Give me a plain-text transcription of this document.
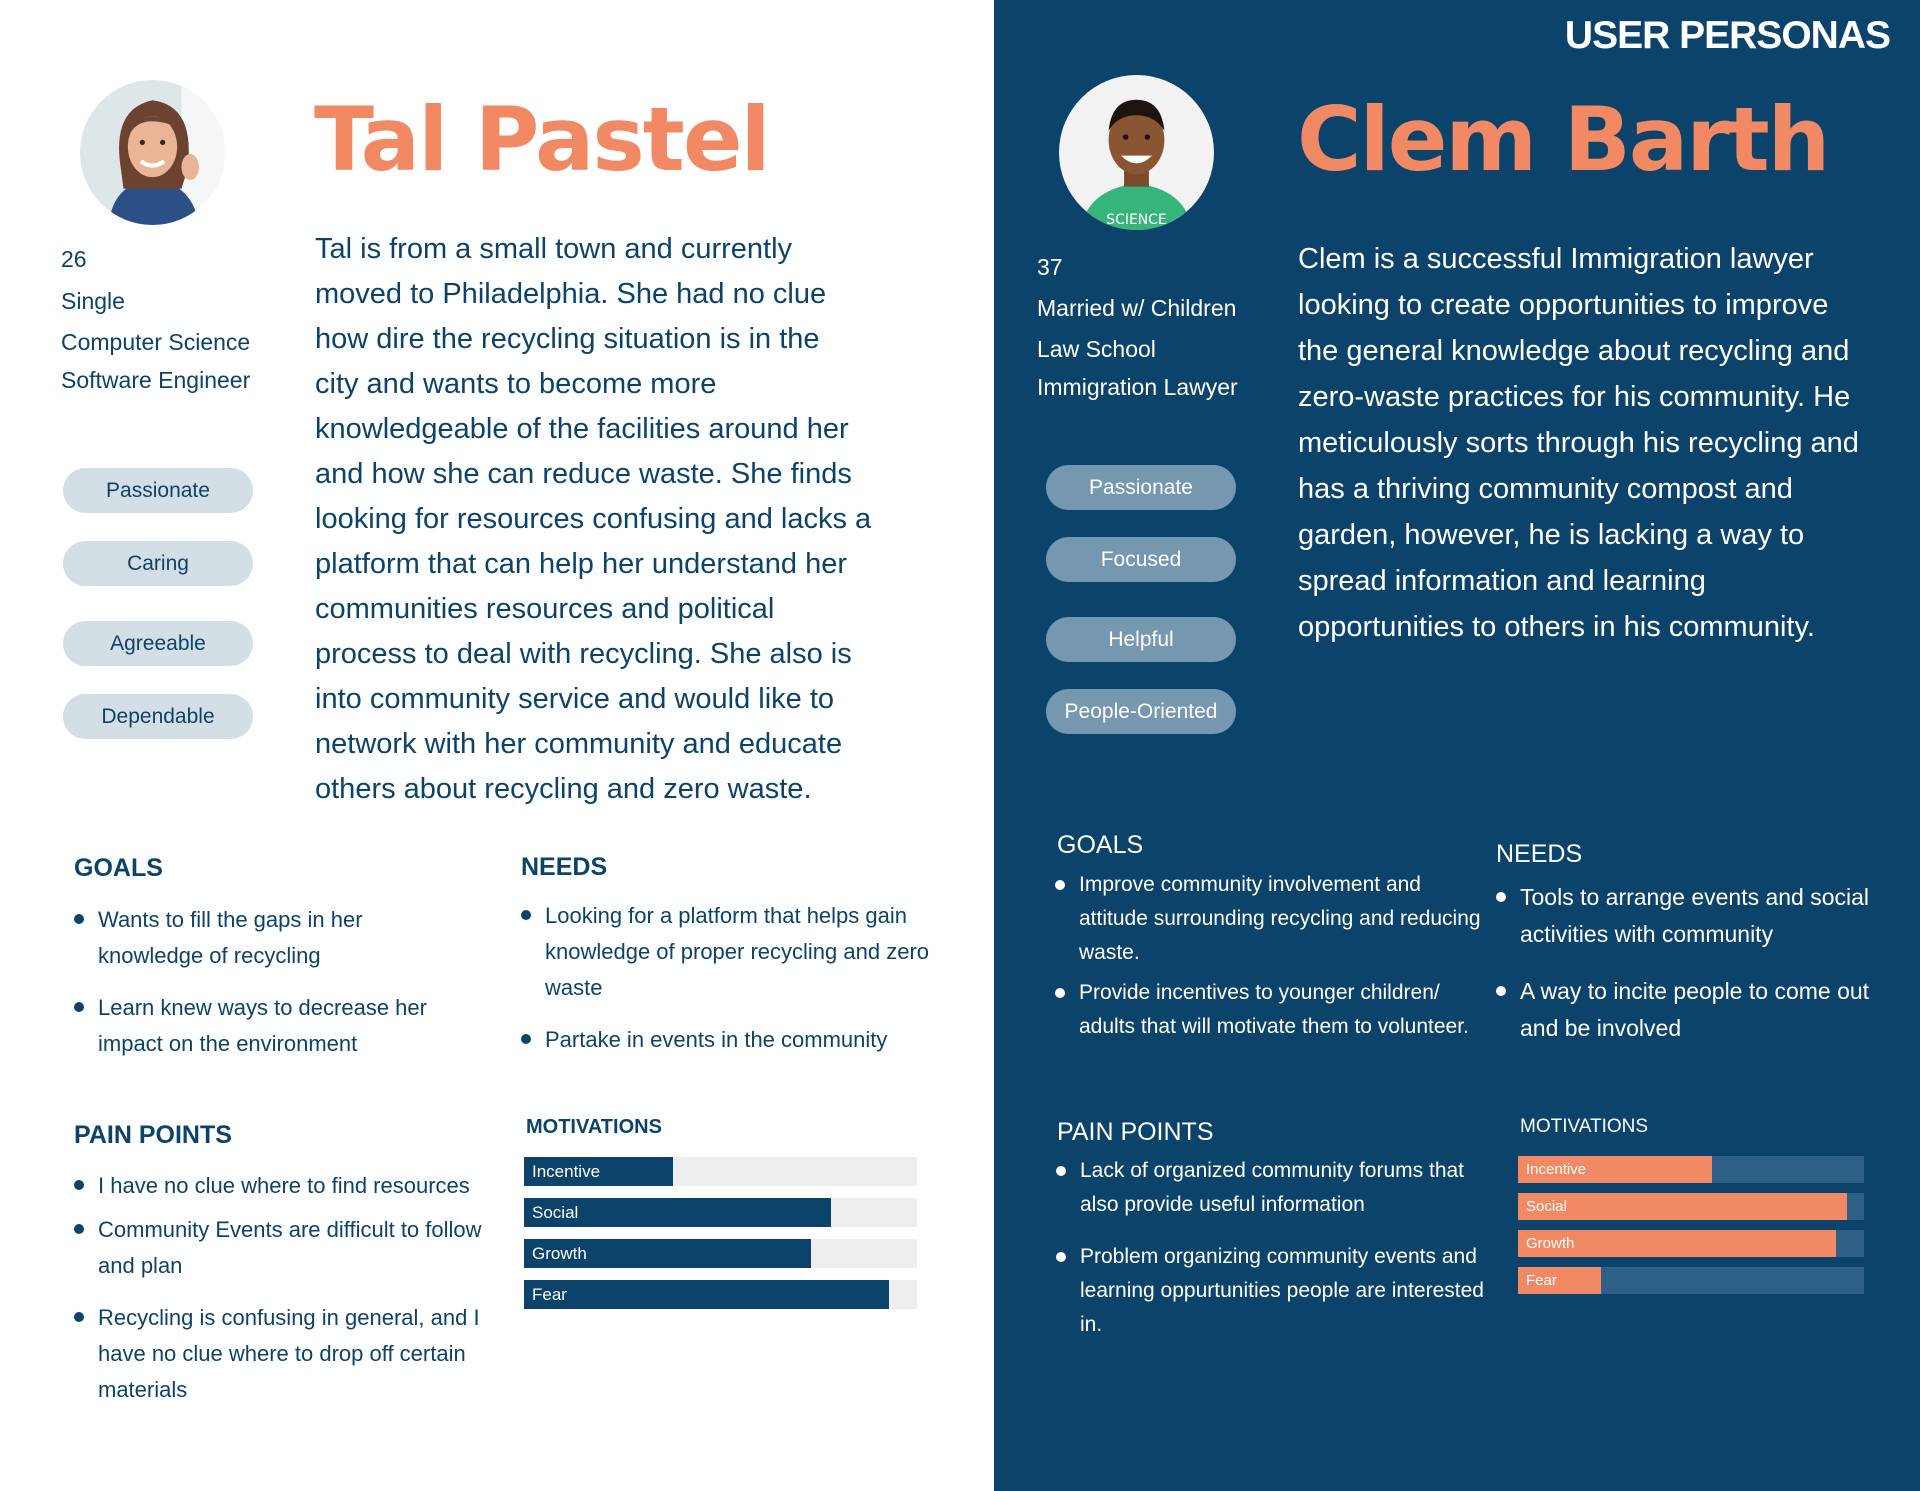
USER PERSONAS
Tal Pastel
26
Single
Computer Science
Software Engineer
Passionate
Caring
Agreeable
Dependable
Tal is from a small town and currently
moved to Philadelphia. She had no clue
how dire the recycling situation is in the
city and wants to become more
knowledgeable of the facilities around her
and how she can reduce waste. She finds
looking for resources confusing and lacks a
platform that can help her understand her
communities resources and political
process to deal with recycling. She also is
into community service and would like to
network with her community and educate
others about recycling and zero waste.
GOALS
Wants to fill the gaps in her knowledge of recycling
Learn knew ways to decrease her impact on the environment
NEEDS
Looking for a platform that helps gain knowledge of proper recycling and zero waste
Partake in events in the community
PAIN POINTS
I have no clue where to find resources
Community Events are difficult to follow and plan
Recycling is confusing in general, and I have no clue where to drop off certain materials
MOTIVATIONS
Incentive
Social
Growth
Fear
SCIENCE
Clem Barth
37
Married w/ Children
Law School
Immigration Lawyer
Passionate
Focused
Helpful
People-Oriented
Clem is a successful Immigration lawyer
looking to create opportunities to improve
the general knowledge about recycling and
zero-waste practices for his community. He
meticulously sorts through his recycling and
has a thriving community compost and
garden, however, he is lacking a way to
spread information and learning
opportunities to others in his community.
GOALS
Improve community involvement and attitude surrounding recycling and reducing waste.
Provide incentives to younger children/ adults that will motivate them to volunteer.
NEEDS
Tools to arrange events and social activities with community
A way to incite people to come out and be involved
PAIN POINTS
Lack of organized community forums that also provide useful information
Problem organizing community events and learning oppurtunities people are interested in.
MOTIVATIONS
Incentive
Social
Growth
Fear
